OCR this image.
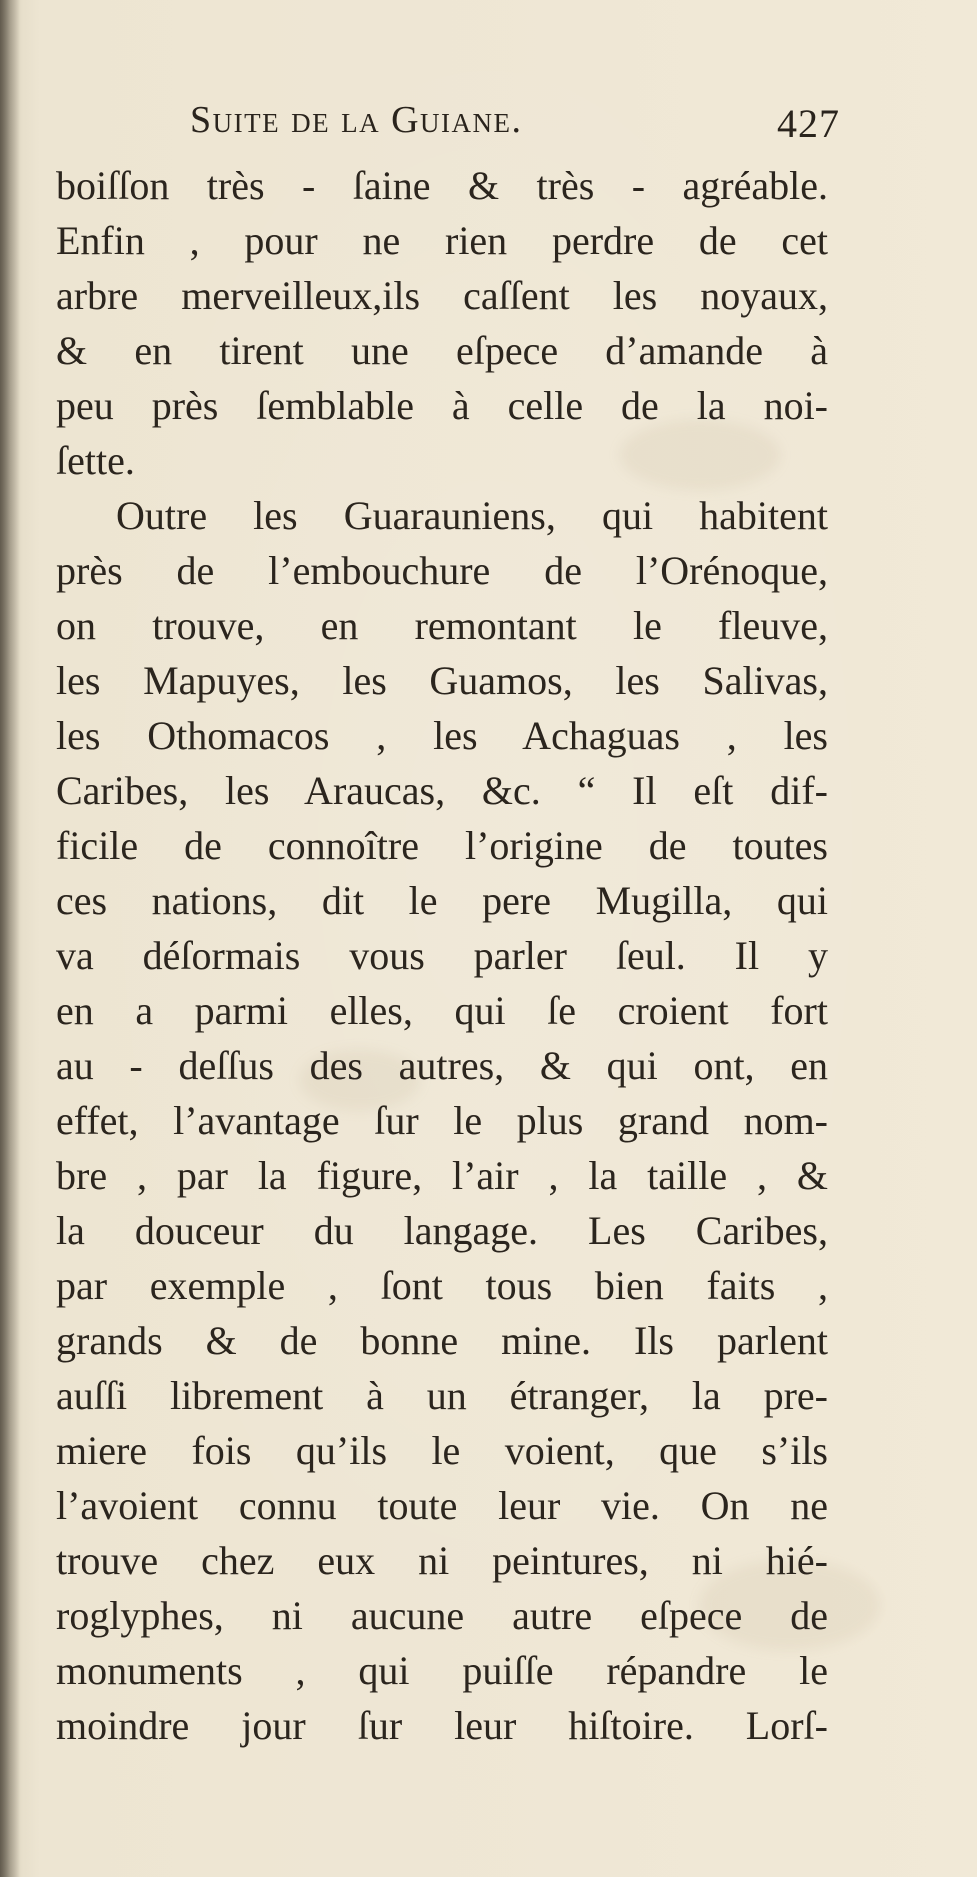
Suite de la Guiane.	427
boiſſon très - ſaine & très - agréable.
Enfin , pour ne rien perdre de cet
arbre merveilleux,ils caſſent les noyaux,
& en tirent une eſpece d’amande à
peu près ſemblable à celle de la noi-
ſette.
Outre les Guarauniens, qui habitent
près de l’embouchure de l’Orénoque,
on trouve, en remontant le fleuve,
les Mapuyes, les Guamos, les Salivas,
les Othomacos , les Achaguas , les
Caribes, les Araucas, &c. “ Il eſt dif-
ficile de connoître l’origine de toutes
ces nations, dit le pere Mugilla, qui
va déſormais vous parler ſeul. Il y
en a parmi elles, qui ſe croient fort
au - deſſus des autres, & qui ont, en
effet, l’avantage ſur le plus grand nom-
bre , par la figure, l’air , la taille , &
la douceur du langage. Les Caribes,
par exemple , ſont tous bien faits ,
grands & de bonne mine. Ils parlent
auſſi librement à un étranger, la pre-
miere fois qu’ils le voient, que s’ils
l’avoient connu toute leur vie. On ne
trouve chez eux ni peintures, ni hié-
roglyphes, ni aucune autre eſpece de
monuments , qui puiſſe répandre le
moindre jour ſur leur hiſtoire. Lorſ-
